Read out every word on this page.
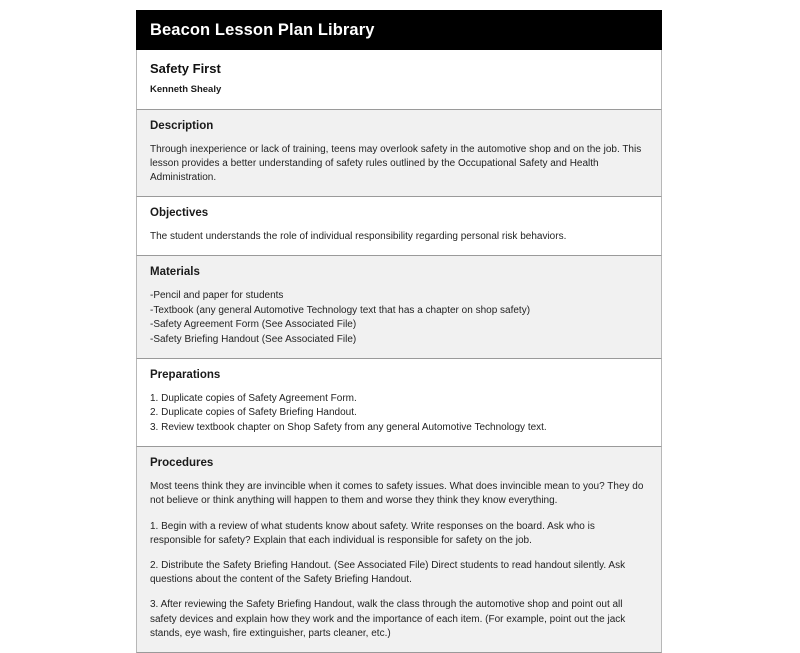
Beacon Lesson Plan Library
Safety First
Kenneth Shealy
Description

Through inexperience or lack of training, teens may overlook safety in the automotive shop and on the job. This lesson provides a better understanding of safety rules outlined by the Occupational Safety and Health Administration.

Objectives

The student understands the role of individual responsibility regarding personal risk behaviors.

Materials
-Pencil and paper for students
-Textbook (any general Automotive Technology text that has a chapter on shop safety)
-Safety Agreement Form (See Associated File)
-Safety Briefing Handout (See Associated File)
Preparations
1. Duplicate copies of Safety Agreement Form.
2. Duplicate copies of Safety Briefing Handout.
3. Review textbook chapter on Shop Safety from any general Automotive Technology text.
Procedures

Most teens think they are invincible when it comes to safety issues. What does invincible mean to you? They do not believe or think anything will happen to them and worse they think they know everything.

1. Begin with a review of what students know about safety. Write responses on the board. Ask who is responsible for safety? Explain that each individual is responsible for safety on the job.

2. Distribute the Safety Briefing Handout. (See Associated File) Direct students to read handout silently. Ask questions about the content of the Safety Briefing Handout.

3. After reviewing the Safety Briefing Handout, walk the class through the automotive shop and point out all safety devices and explain how they work and the importance of each item. (For example, point out the jack stands, eye wash, fire extinguisher, parts cleaner, etc.)
